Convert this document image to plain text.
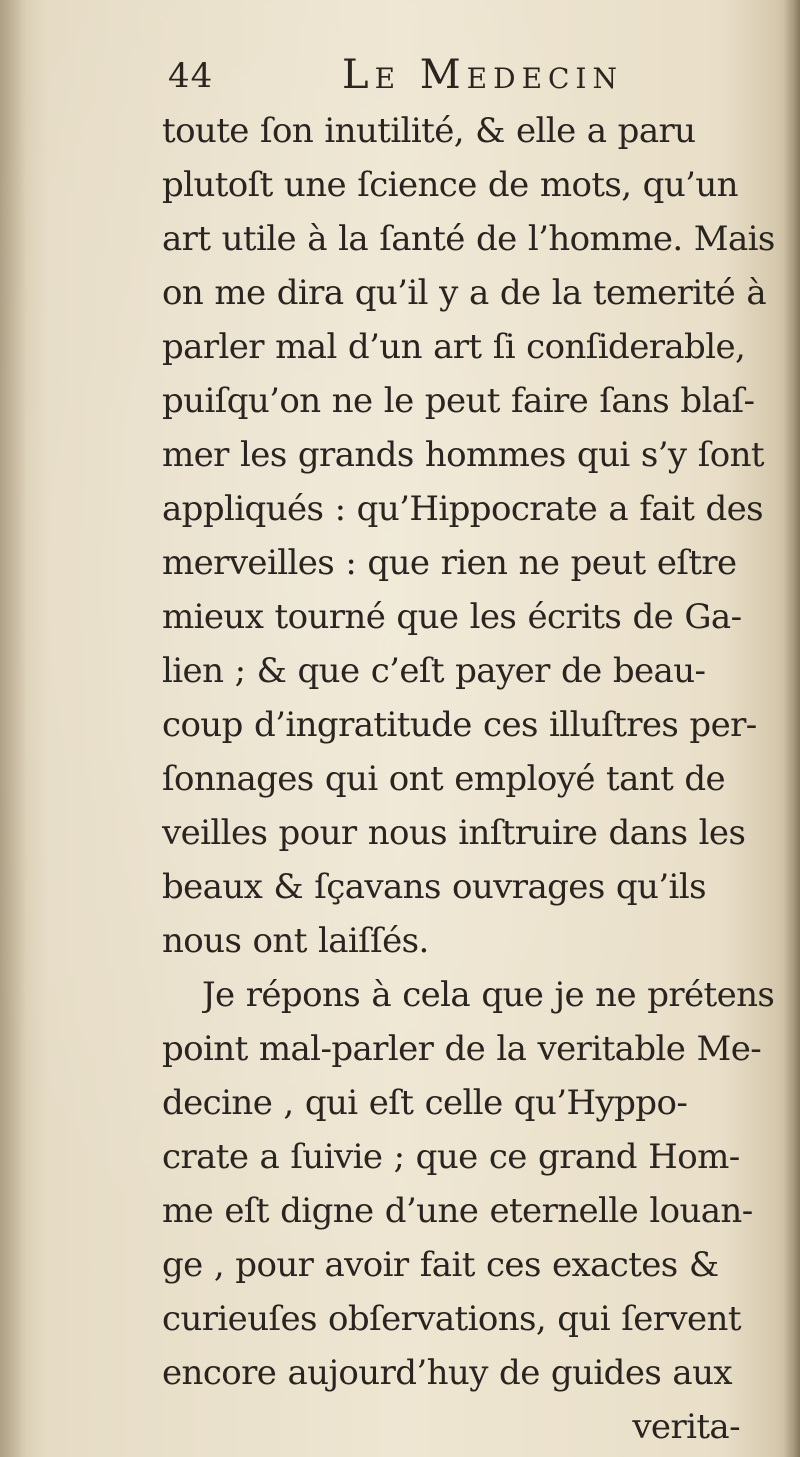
44	Le Medecin
toute ſon inutilité, & elle a paru
plutoſt une ſcience de mots, qu’un
art utile à la ſanté de l’homme. Mais
on me dira qu’il y a de la temerité à
parler mal d’un art ſi conſiderable,
puiſqu’on ne le peut faire ſans blaſ-
mer les grands hommes qui s’y ſont
appliqués : qu’Hippocrate a fait des
merveilles : que rien ne peut eſtre
mieux tourné que les écrits de Ga-
lien ; & que c’eſt payer de beau-
coup d’ingratitude ces illuſtres per-
ſonnages qui ont employé tant de
veilles pour nous inſtruire dans les
beaux & ſçavans ouvrages qu’ils
nous ont laiſſés.
Je répons à cela que je ne prétens
point mal-parler de la veritable Me-
decine , qui eſt celle qu’Hyppo-
crate a ſuivie ; que ce grand Hom-
me eſt digne d’une eternelle louan-
ge , pour avoir fait ces exactes &
curieuſes obſervations, qui ſervent
encore aujourd’huy de guides aux
verita-
